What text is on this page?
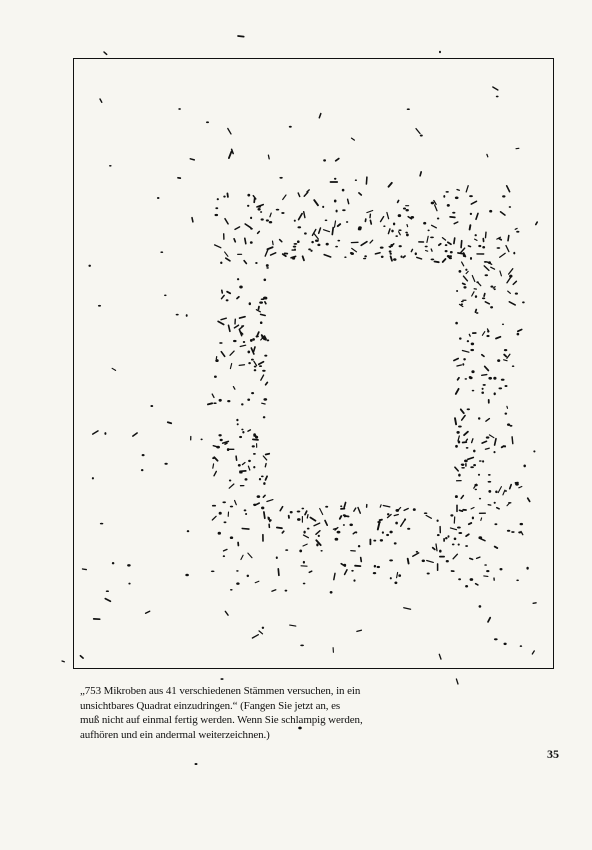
„753 Mikroben aus 41 verschiedenen Stämmen versuchen, in ein
unsichtbares Quadrat einzudringen.“ (Fangen Sie jetzt an, es
muß nicht auf einmal fertig werden. Wenn Sie schlampig werden,
aufhören und ein andermal weiterzeichnen.)
35
